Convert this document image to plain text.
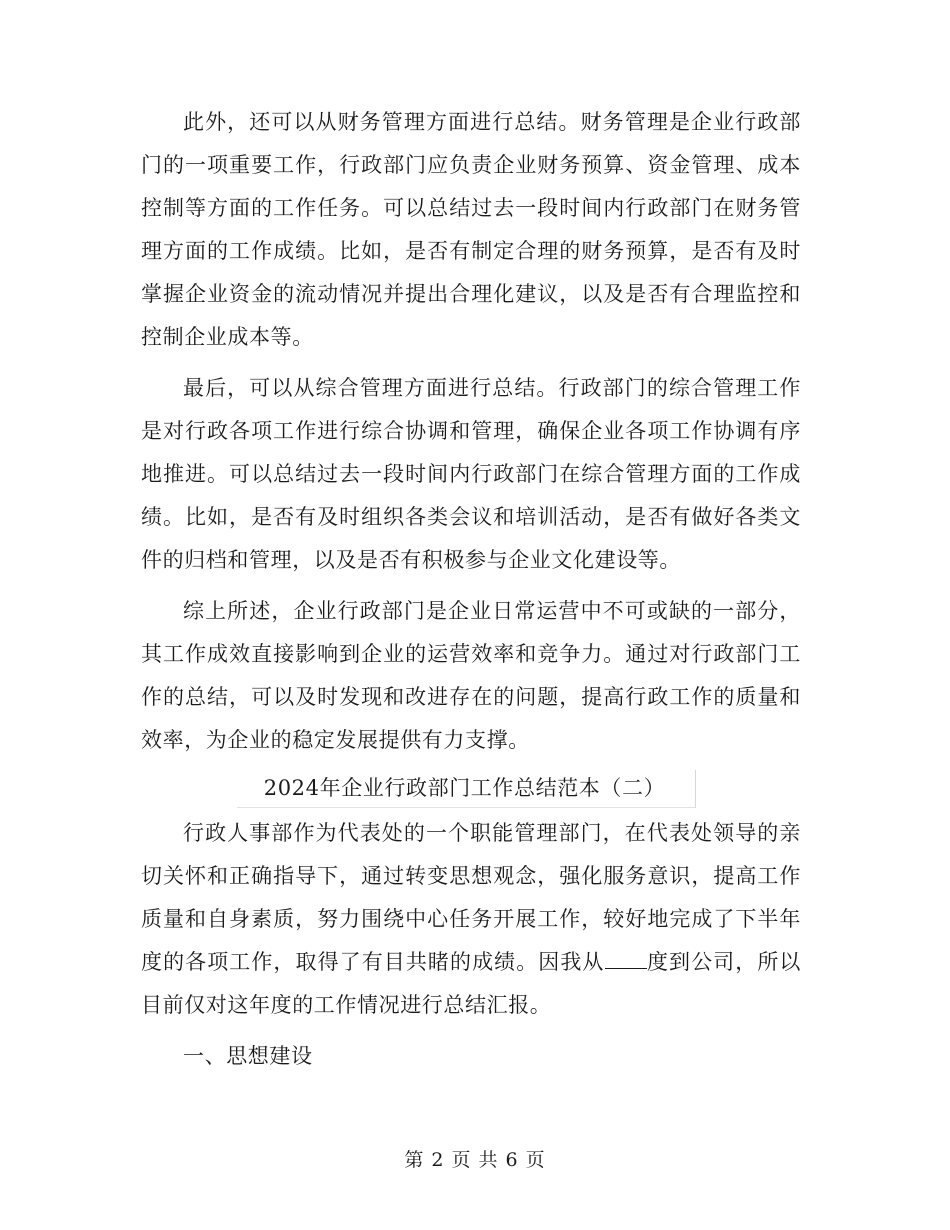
此外，还可以从财务管理方面进行总结。财务管理是企业行政部门的一项重要工作，行政部门应负责企业财务预算、资金管理、成本控制等方面的工作任务。可以总结过去一段时间内行政部门在财务管理方面的工作成绩。比如，是否有制定合理的财务预算，是否有及时掌握企业资金的流动情况并提出合理化建议，以及是否有合理监控和控制企业成本等。

最后，可以从综合管理方面进行总结。行政部门的综合管理工作是对行政各项工作进行综合协调和管理，确保企业各项工作协调有序地推进。可以总结过去一段时间内行政部门在综合管理方面的工作成绩。比如，是否有及时组织各类会议和培训活动，是否有做好各类文件的归档和管理，以及是否有积极参与企业文化建设等。

综上所述，企业行政部门是企业日常运营中不可或缺的一部分，其工作成效直接影响到企业的运营效率和竞争力。通过对行政部门工作的总结，可以及时发现和改进存在的问题，提高行政工作的质量和效率，为企业的稳定发展提供有力支撑。

2024年企业行政部门工作总结范本（二）

行政人事部作为代表处的一个职能管理部门，在代表处领导的亲切关怀和正确指导下，通过转变思想观念，强化服务意识，提高工作质量和自身素质，努力围绕中心任务开展工作，较好地完成了下半年度的各项工作，取得了有目共睹的成绩。因我从 度到公司，所以目前仅对这年度的工作情况进行总结汇报。

一、思想建设

第 2 页 共 6 页
